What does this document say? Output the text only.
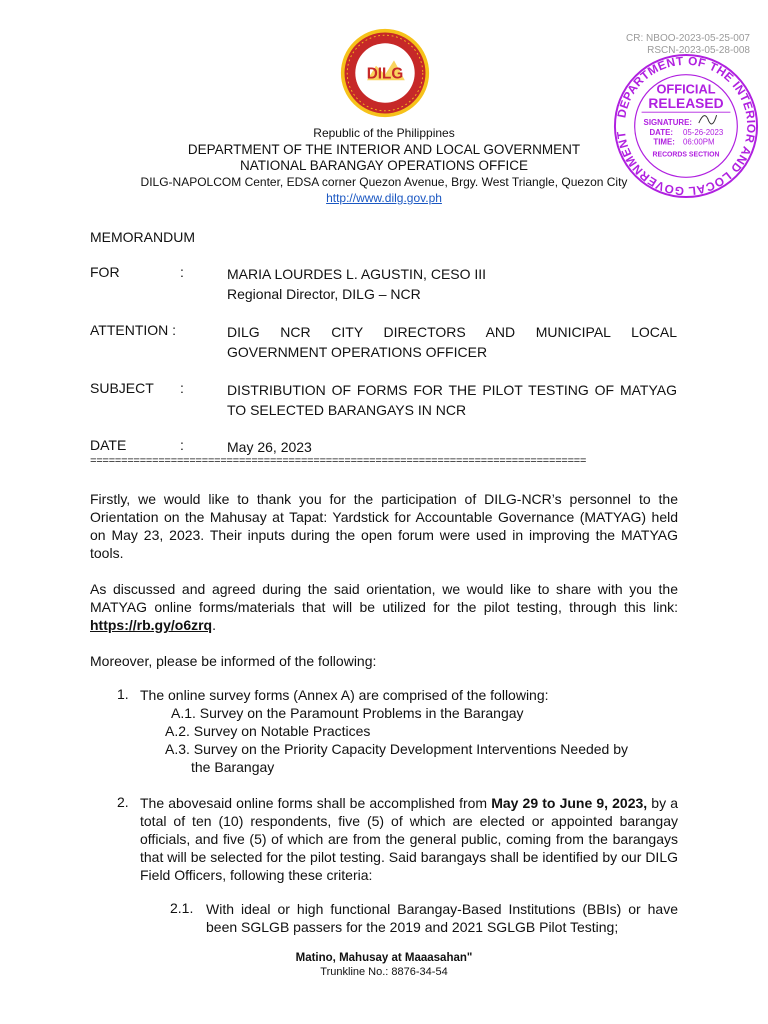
DILG
CR: NBOO-2023-05-25-007
RSCN-2023-05-28-008
DEPARTMENT OF THE INTERIOR AND LOCAL GOVERNMENT
OFFICIAL
RELEASED
SIGNATURE:
DATE: 05-26-2023
TIME: 06:00PM
RECORDS SECTION
Republic of the Philippines
DEPARTMENT OF THE INTERIOR AND LOCAL GOVERNMENT
NATIONAL BARANGAY OPERATIONS OFFICE
DILG-NAPOLCOM Center, EDSA corner Quezon Avenue, Brgy. West Triangle, Quezon City
http://www.dilg.gov.ph
MEMORANDUM
FOR	:	MARIA LOURDES L. AGUSTIN, CESO III
Regional Director, DILG – NCR
ATTENTION :	DILG NCR CITY DIRECTORS AND MUNICIPAL LOCAL
GOVERNMENT OPERATIONS OFFICER
SUBJECT :	DISTRIBUTION OF FORMS FOR THE PILOT TESTING OF MATYAG
TO SELECTED BARANGAYS IN NCR
DATE	:	May 26, 2023
================================================================================
Firstly, we would like to thank you for the participation of DILG-NCR’s personnel to the Orientation on the Mahusay at Tapat: Yardstick for Accountable Governance (MATYAG) held on May 23, 2023. Their inputs during the open forum were used in improving the MATYAG tools.
As discussed and agreed during the said orientation, we would like to share with you the MATYAG online forms/materials that will be utilized for the pilot testing, through this link: https://rb.gy/o6zrq.
Moreover, please be informed of the following:
1. The online survey forms (Annex A) are comprised of the following:
A.1. Survey on the Paramount Problems in the Barangay
A.2. Survey on Notable Practices
A.3. Survey on the Priority Capacity Development Interventions Needed by
the Barangay
2. The abovesaid online forms shall be accomplished from May 29 to June 9, 2023, by a total of ten (10) respondents, five (5) of which are elected or appointed barangay officials, and five (5) of which are from the general public, coming from the barangays that will be selected for the pilot testing. Said barangays shall be identified by our DILG Field Officers, following these criteria:
2.1. With ideal or high functional Barangay-Based Institutions (BBIs) or have been SGLGB passers for the 2019 and 2021 SGLGB Pilot Testing;
Matino, Mahusay at Maaasahan"
Trunkline No.: 8876-34-54
